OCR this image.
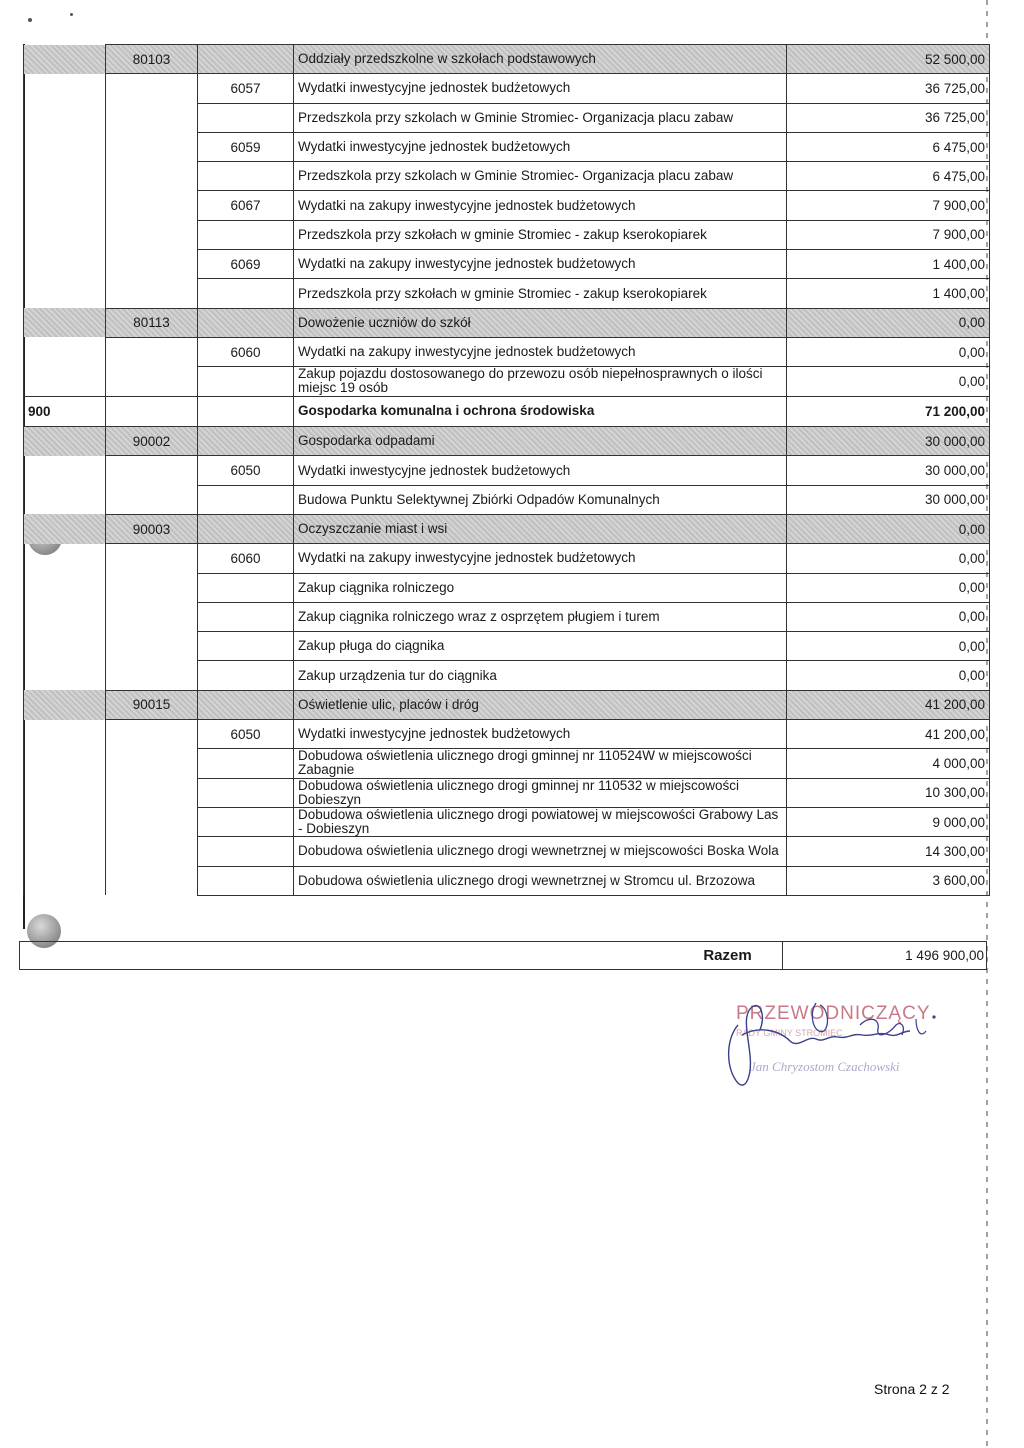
	80103		Oddziały przedszkolne w szkołach podstawowych	52 500,00
		6057	Wydatki inwestycyjne jednostek budżetowych	36 725,00
			Przedszkola przy szkolach w Gminie Stromiec- Organizacja placu zabaw	36 725,00
		6059	Wydatki inwestycyjne jednostek budżetowych	6 475,00
			Przedszkola przy szkolach w Gminie Stromiec- Organizacja placu zabaw	6 475,00
		6067	Wydatki na zakupy inwestycyjne jednostek budżetowych	7 900,00
			Przedszkola przy szkołach w gminie Stromiec - zakup kserokopiarek	7 900,00
		6069	Wydatki na zakupy inwestycyjne jednostek budżetowych	1 400,00
			Przedszkola przy szkołach w gminie Stromiec - zakup kserokopiarek	1 400,00
	80113		Dowożenie uczniów do szkół	0,00
		6060	Wydatki na zakupy inwestycyjne jednostek budżetowych	0,00
			Zakup pojazdu dostosowanego do przewozu osób niepełnosprawnych o ilości miejsc 19 osób	0,00
900			Gospodarka komunalna i ochrona środowiska	71 200,00
	90002		Gospodarka odpadami	30 000,00
		6050	Wydatki inwestycyjne jednostek budżetowych	30 000,00
			Budowa Punktu Selektywnej Zbiórki Odpadów Komunalnych	30 000,00
	90003		Oczyszczanie miast i wsi	0,00
		6060	Wydatki na zakupy inwestycyjne jednostek budżetowych	0,00
			Zakup ciągnika rolniczego	0,00
			Zakup ciągnika rolniczego wraz z osprzętem pługiem i turem	0,00
			Zakup pługa do ciągnika	0,00
			Zakup urządzenia tur do ciągnika	0,00
	90015		Oświetlenie ulic, placów i dróg	41 200,00
		6050	Wydatki inwestycyjne jednostek budżetowych	41 200,00
			Dobudowa oświetlenia ulicznego drogi gminnej nr 110524W w miejscowości Zabagnie	4 000,00
			Dobudowa oświetlenia ulicznego drogi gminnej nr 110532 w miejscowości Dobieszyn	10 300,00
			Dobudowa oświetlenia ulicznego drogi powiatowej w miejscowości Grabowy Las - Dobieszyn	9 000,00
			Dobudowa oświetlenia ulicznego drogi wewnetrznej w miejscowości Boska Wola	14 300,00
			Dobudowa oświetlenia ulicznego drogi wewnetrznej w Stromcu ul. Brzozowa	3 600,00
Razem	1 496 900,00
PRZEWODNICZĄCY
RADY GMINY STROMIEC
Jan Chryzostom Czachowski
Strona 2 z 2
